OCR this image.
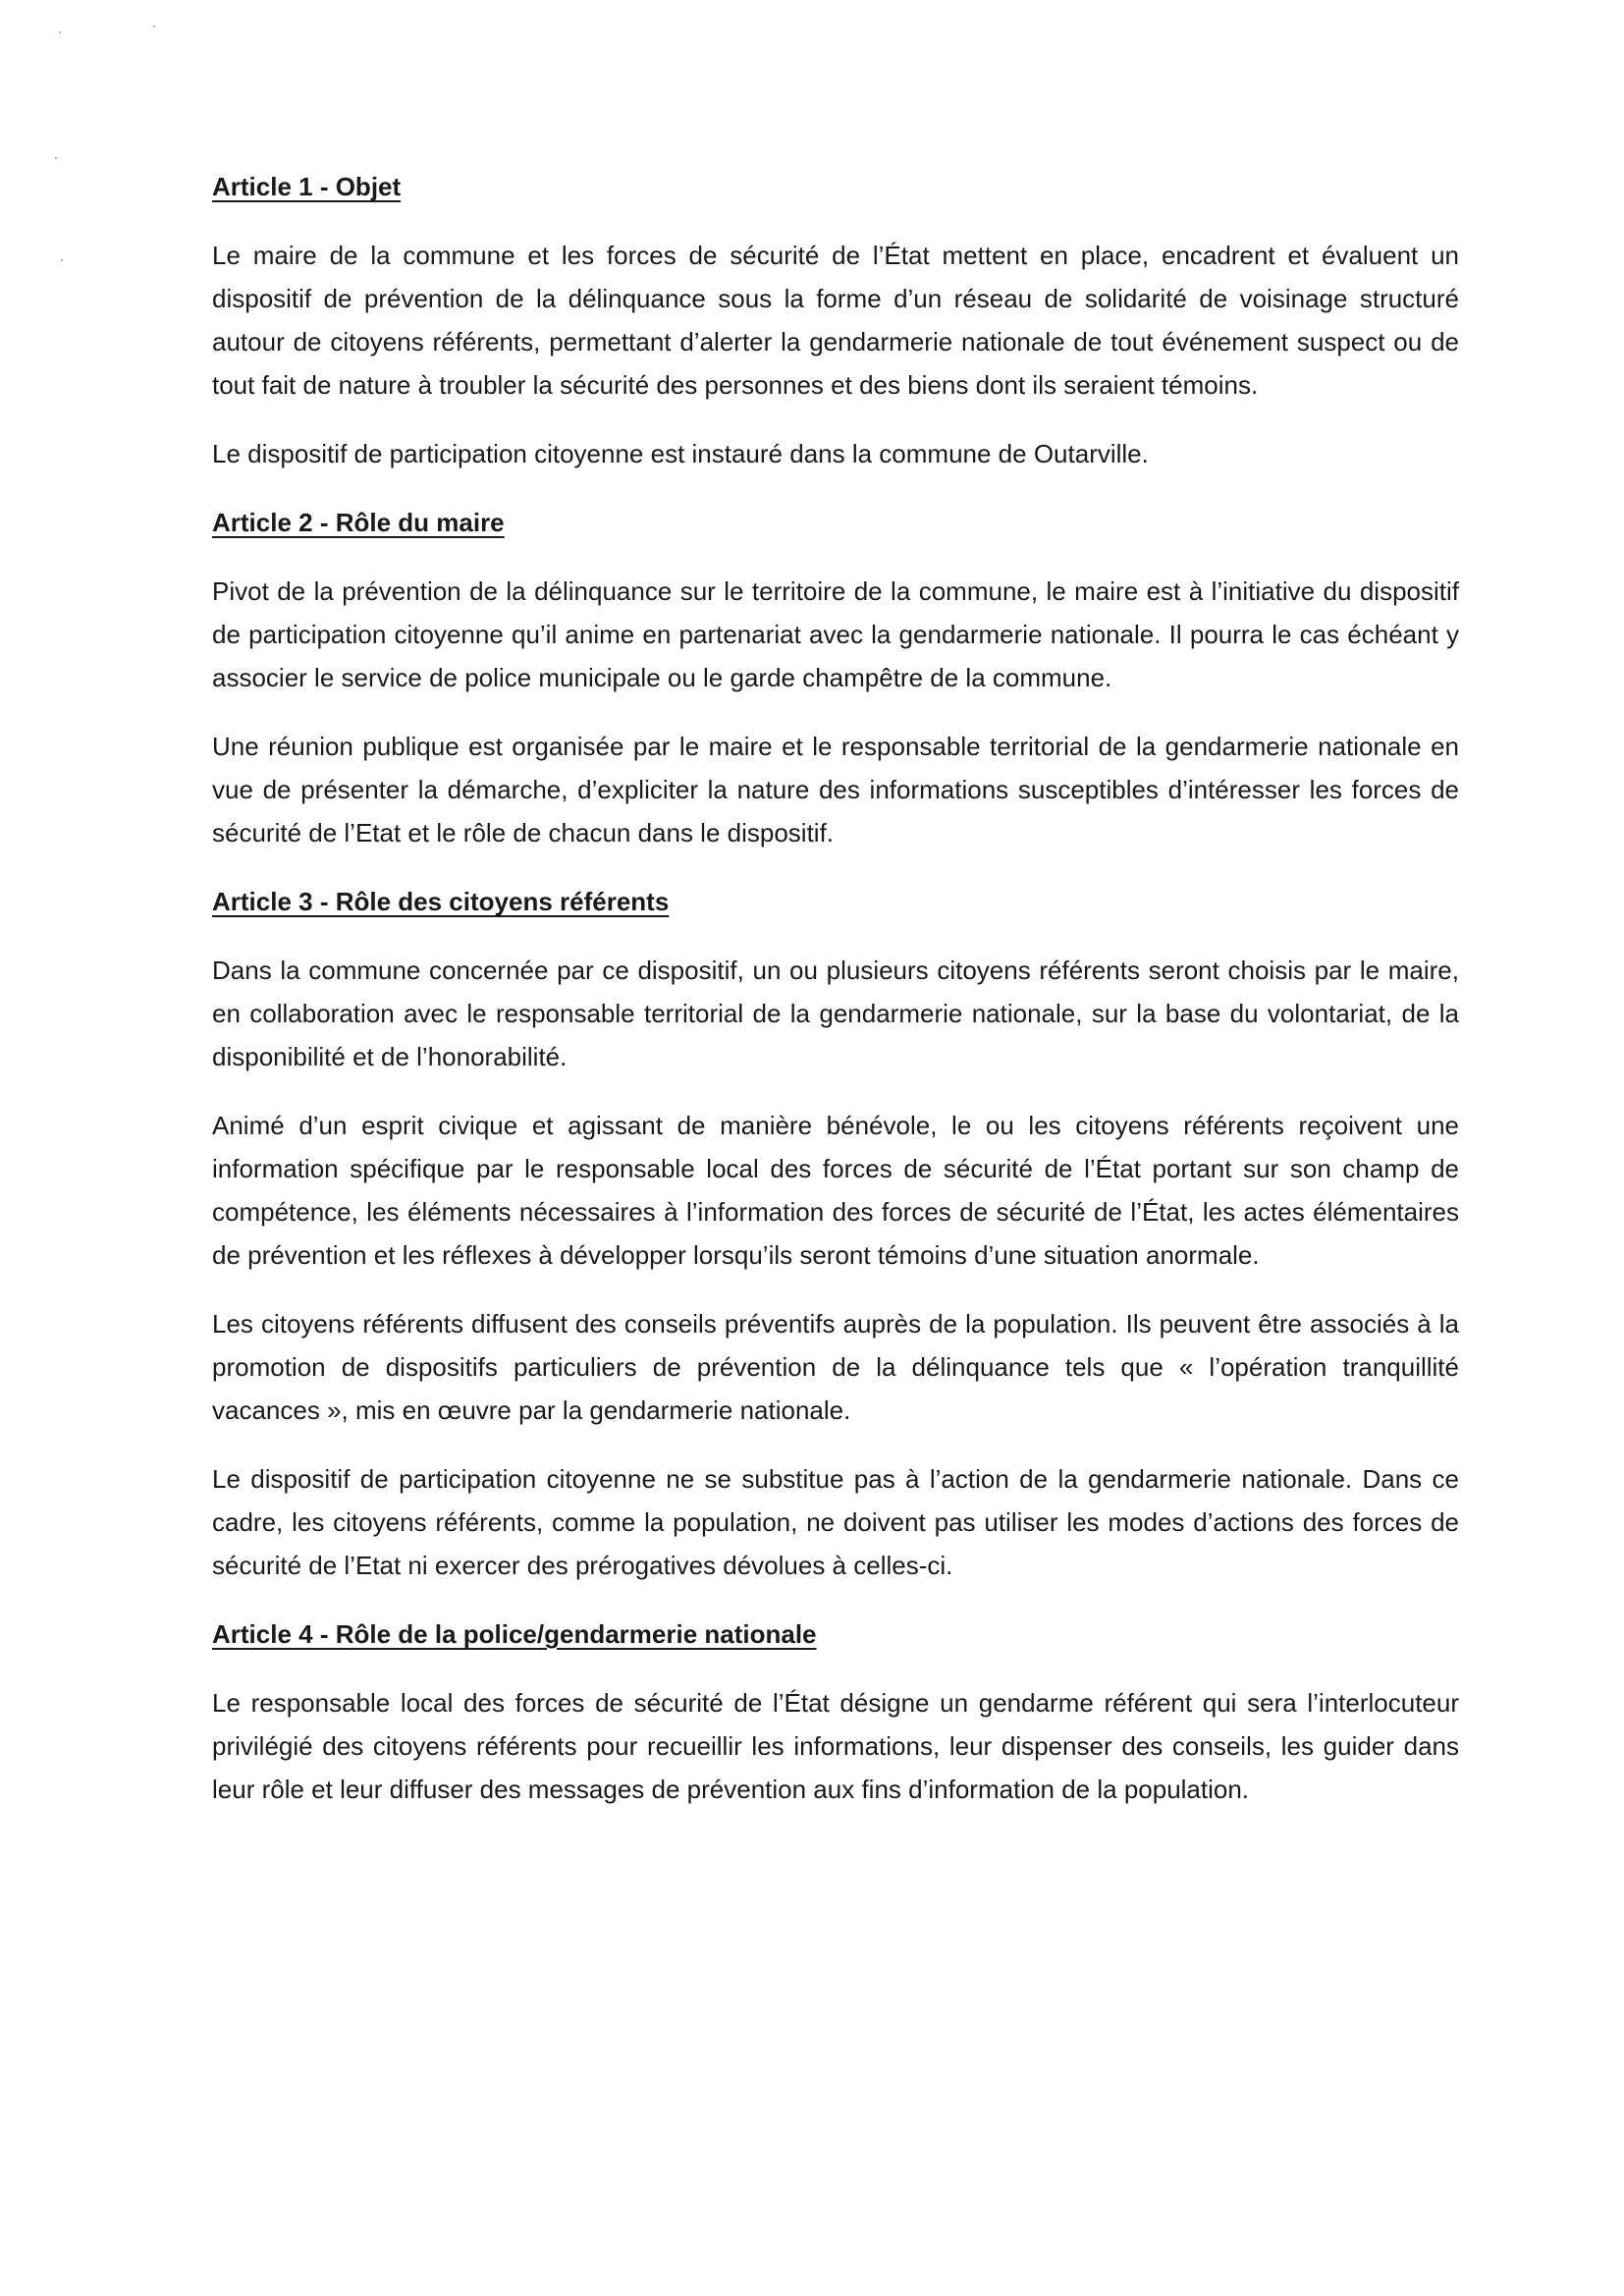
Article 1 - Objet

Le maire de la commune et les forces de sécurité de l’État mettent en place, encadrent et évaluent un dispositif de prévention de la délinquance sous la forme d’un réseau de solidarité de voisinage structuré autour de citoyens référents, permettant d’alerter la gendarmerie nationale de tout événement suspect ou de tout fait de nature à troubler la sécurité des personnes et des biens dont ils seraient témoins.

Le dispositif de participation citoyenne est instauré dans la commune de Outarville.

Article 2 - Rôle du maire

Pivot de la prévention de la délinquance sur le territoire de la commune, le maire est à l’initiative du dispositif de participation citoyenne qu’il anime en partenariat avec la gendarmerie nationale. Il pourra le cas échéant y associer le service de police municipale ou le garde champêtre de la commune.

Une réunion publique est organisée par le maire et le responsable territorial de la gendarmerie nationale en vue de présenter la démarche, d’expliciter la nature des informations susceptibles d’intéresser les forces de sécurité de l’Etat et le rôle de chacun dans le dispositif.

Article 3 - Rôle des citoyens référents

Dans la commune concernée par ce dispositif, un ou plusieurs citoyens référents seront choisis par le maire, en collaboration avec le responsable territorial de la gendarmerie nationale, sur la base du volontariat, de la disponibilité et de l’honorabilité.

Animé d’un esprit civique et agissant de manière bénévole, le ou les citoyens référents reçoivent une information spécifique par le responsable local des forces de sécurité de l’État portant sur son champ de compétence, les éléments nécessaires à l’information des forces de sécurité de l’État, les actes élémentaires de prévention et les réflexes à développer lorsqu’ils seront témoins d’une situation anormale.

Les citoyens référents diffusent des conseils préventifs auprès de la population. Ils peuvent être associés à la promotion de dispositifs particuliers de prévention de la délinquance tels que « l’opération tranquillité vacances », mis en œuvre par la gendarmerie nationale.

Le dispositif de participation citoyenne ne se substitue pas à l’action de la gendarmerie nationale. Dans ce cadre, les citoyens référents, comme la population, ne doivent pas utiliser les modes d’actions des forces de sécurité de l’Etat ni exercer des prérogatives dévolues à celles-ci.

Article 4 - Rôle de la police/gendarmerie nationale

Le responsable local des forces de sécurité de l’État désigne un gendarme référent qui sera l’interlocuteur privilégié des citoyens référents pour recueillir les informations, leur dispenser des conseils, les guider dans leur rôle et leur diffuser des messages de prévention aux fins d’information de la population.
